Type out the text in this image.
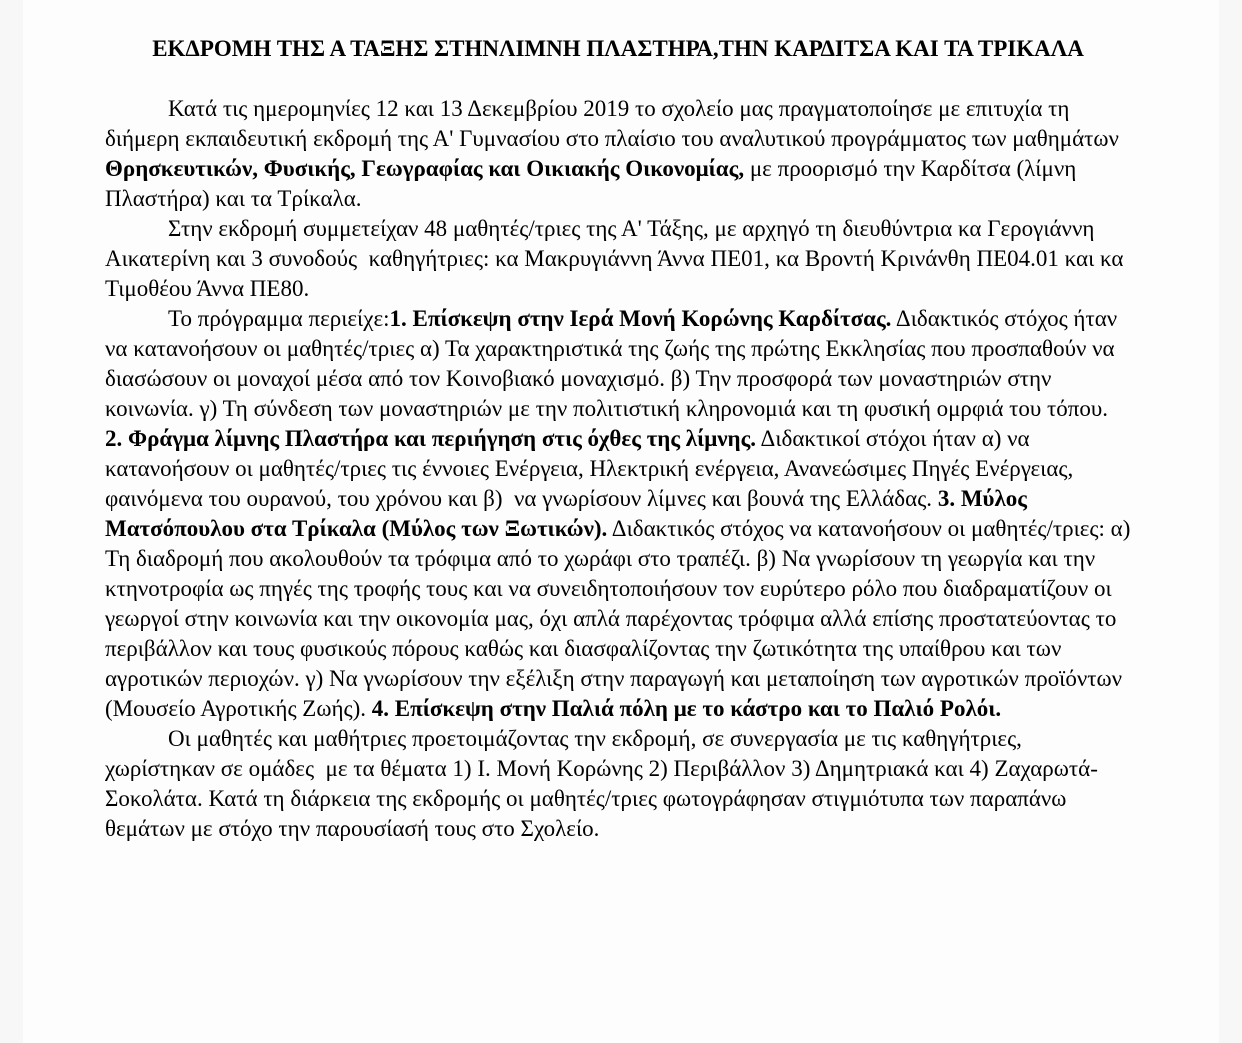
ΕΚΔΡΟΜΗ ΤΗΣ Α ΤΑΞΗΣ ΣΤΗΝΛΙΜΝΗ ΠΛΑΣΤΗΡΑ,ΤΗΝ ΚΑΡΔΙΤΣΑ ΚΑΙ ΤΑ ΤΡΙΚΑΛΑ

Κατά τις ημερομηνίες 12 και 13 Δεκεμβρίου 2019 το σχολείο μας πραγματοποίησε με επιτυχία τη διήμερη εκπαιδευτική εκδρομή της Α' Γυμνασίου στο πλαίσιο του αναλυτικού προγράμματος των μαθημάτων Θρησκευτικών, Φυσικής, Γεωγραφίας και Οικιακής Οικονομίας, με προορισμό την Καρδίτσα (λίμνη Πλαστήρα) και τα Τρίκαλα.

Στην εκδρομή συμμετείχαν 48 μαθητές/τριες της Α' Τάξης, με αρχηγό τη διευθύντρια κα Γερογιάννη Αικατερίνη και 3 συνοδούς  καθηγήτριες: κα Μακρυγιάννη Άννα ΠΕ01, κα Βροντή Κρινάνθη ΠΕ04.01 και κα Τιμοθέου Άννα ΠΕ80.

Το πρόγραμμα περιείχε:1. Επίσκεψη στην Ιερά Μονή Κορώνης Καρδίτσας. Διδακτικός στόχος ήταν να κατανοήσουν οι μαθητές/τριες α) Τα χαρακτηριστικά της ζωής της πρώτης Εκκλησίας που προσπαθούν να διασώσουν οι μοναχοί μέσα από τον Κοινοβιακό μοναχισμό. β) Την προσφορά των μοναστηριών στην κοινωνία. γ) Τη σύνδεση των μοναστηριών με την πολιτιστική κληρονομιά και τη φυσική ομρφιά του τόπου.

2. Φράγμα λίμνης Πλαστήρα και περιήγηση στις όχθες της λίμνης. Διδακτικοί στόχοι ήταν α) να κατανοήσουν οι μαθητές/τριες τις έννοιες Ενέργεια, Ηλεκτρική ενέργεια, Ανανεώσιμες Πηγές Ενέργειας, φαινόμενα του ουρανού, του χρόνου και β)  να γνωρίσουν λίμνες και βουνά της Ελλάδας. 3. Μύλος Ματσόπουλου στα Τρίκαλα (Μύλος των Ξωτικών). Διδακτικός στόχος να κατανοήσουν οι μαθητές/τριες: α) Τη διαδρομή που ακολουθούν τα τρόφιμα από το χωράφι στο τραπέζι. β) Να γνωρίσουν τη γεωργία και την κτηνοτροφία ως πηγές της τροφής τους και να συνειδητοποιήσουν τον ευρύτερο ρόλο που διαδραματίζουν οι γεωργοί στην κοινωνία και την οικονομία μας, όχι απλά παρέχοντας τρόφιμα αλλά επίσης προστατεύοντας το περιβάλλον και τους φυσικούς πόρους καθώς και διασφαλίζοντας την ζωτικότητα της υπαίθρου και των αγροτικών περιοχών. γ) Να γνωρίσουν την εξέλιξη στην παραγωγή και μεταποίηση των αγροτικών προϊόντων (Μουσείο Αγροτικής Ζωής). 4. Επίσκεψη στην Παλιά πόλη με το κάστρο και το Παλιό Ρολόι.

Οι μαθητές και μαθήτριες προετοιμάζοντας την εκδρομή, σε συνεργασία με τις καθηγήτριες, χωρίστηκαν σε ομάδες  με τα θέματα 1) Ι. Μονή Κορώνης 2) Περιβάλλον 3) Δημητριακά και 4) Ζαχαρωτά-Σοκολάτα. Κατά τη διάρκεια της εκδρομής οι μαθητές/τριες φωτογράφησαν στιγμιότυπα των παραπάνω θεμάτων με στόχο την παρουσίασή τους στο Σχολείο.
